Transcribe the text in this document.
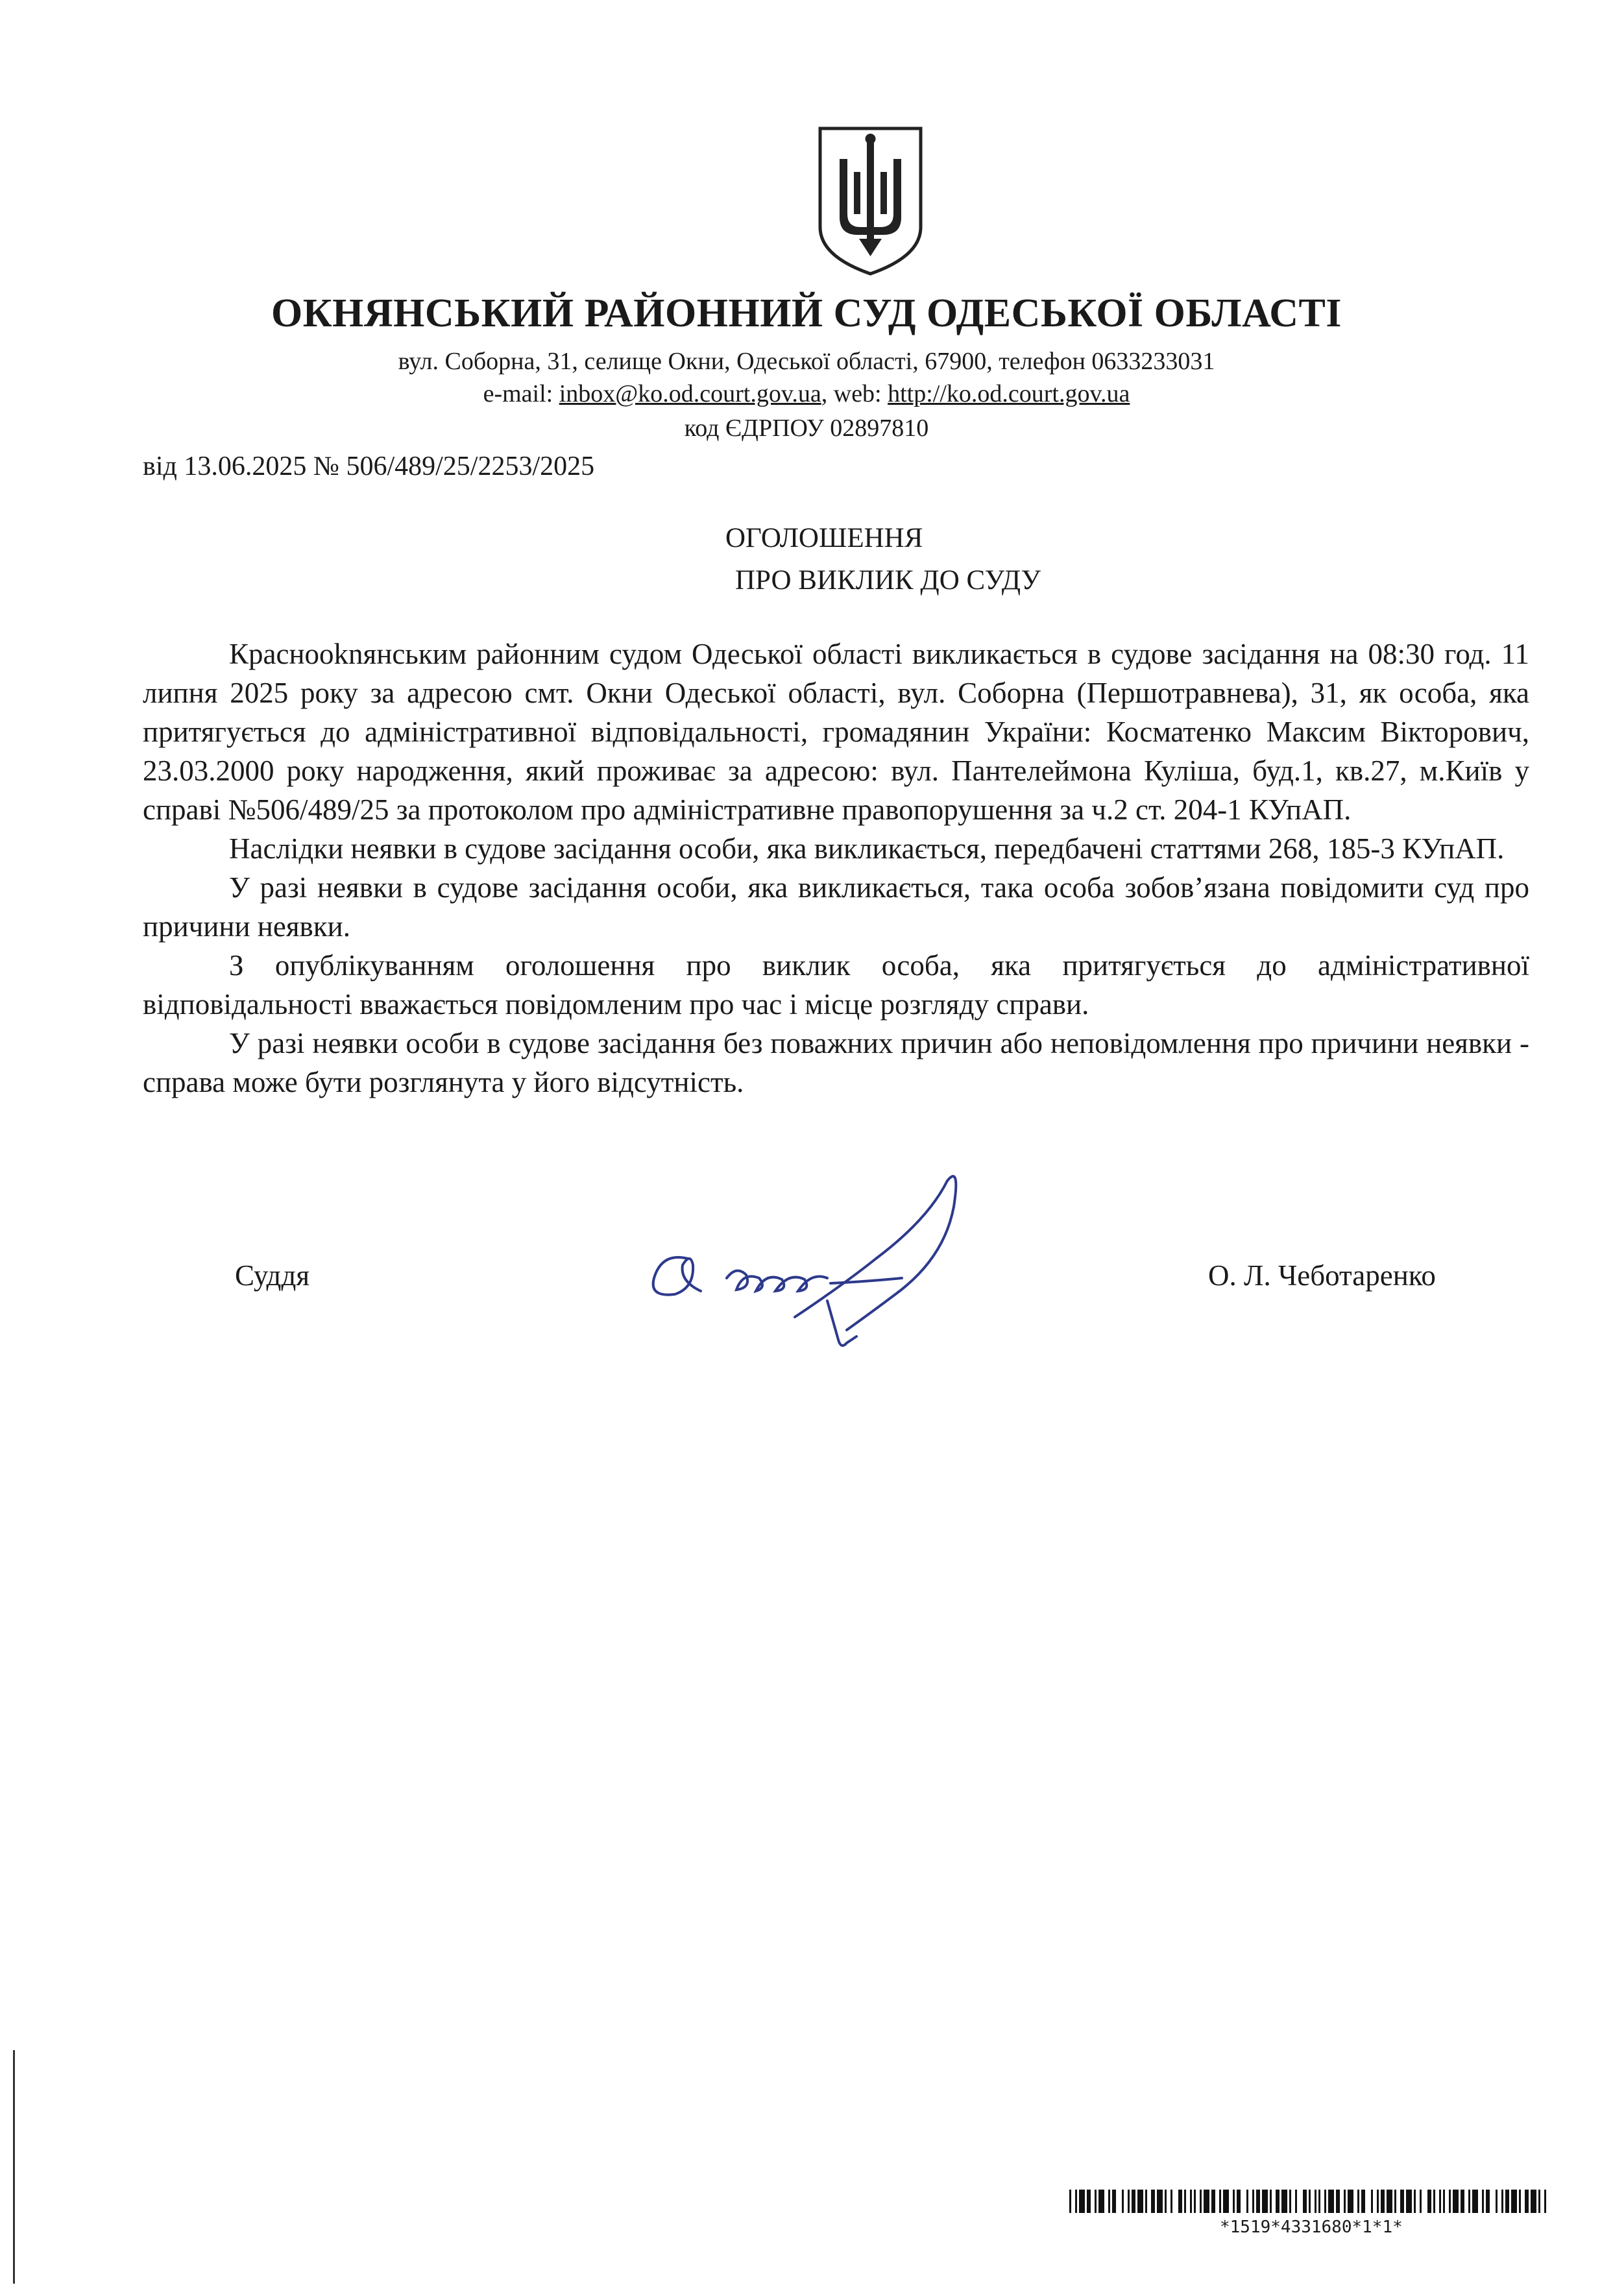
ОКНЯНСЬКИЙ РАЙОННИЙ СУД ОДЕСЬКОЇ ОБЛАСТІ
вул. Соборна, 31, селище Окни, Одеської області, 67900, телефон 0633233031
e-mail: inbox@ko.od.court.gov.ua, web: http://ko.od.court.gov.ua
код ЄДРПОУ 02897810
від 13.06.2025 № 506/489/25/2253/2025
ОГОЛОШЕННЯ
ПРО ВИКЛИК ДО СУДУ

Краснооknянським районним судом Одеської області викликається в судове засідання на 08:30 год. 11 липня 2025 року за адресою смт. Окни Одеської області, вул. Соборна (Першотравнева), 31, як особа, яка притягується до адміністративної відповідальності, громадянин України: Косматенко Максим Вікторович, 23.03.2000 року народження, який проживає за адресою: вул. Пантелеймона Куліша, буд.1, кв.27, м.Київ у справі №506/489/25 за протоколом про адміністративне правопорушення за ч.2 ст. 204-1 КУпАП.

Наслідки неявки в судове засідання особи, яка викликається, передбачені статтями 268, 185-3 КУпАП.

У разі неявки в судове засідання особи, яка викликається, така особа зобов’язана повідомити суд про причини неявки.

З опублікуванням оголошення про виклик особа, яка притягується до адміністративної відповідальності вважається повідомленим про час і місце розгляду справи.

У разі неявки особи в судове засідання без поважних причин або неповідомлення про причини неявки - справа може бути розглянута у його відсутність.

Суддя	О. Л. Чеботаренко
*1519*4331680*1*1*
